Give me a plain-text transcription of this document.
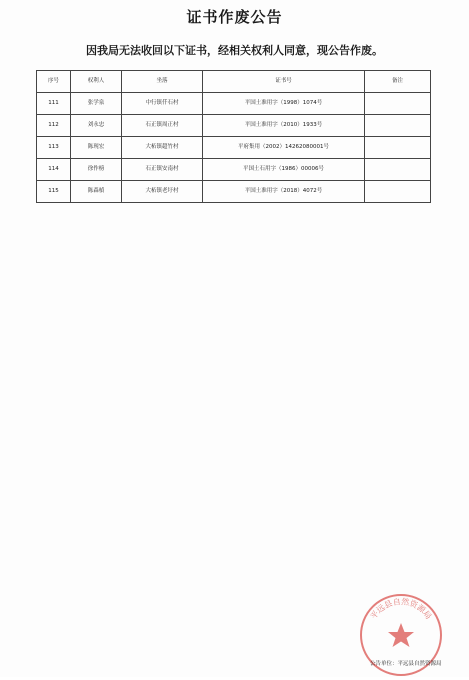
证书作废公告
因我局无法收回以下证书，经相关权利人同意，现公告作废。
序号	权利人	坐落	证书号	备注
111	张学泉	中行镇仟石村	平国土准用字（1998）1074号	
112	刘永忠	石正镇周正村	平国土准用字（2010）1933号	
113	陈现宏	大柘镇超竹村	平府集用（2002）14262080001号	
114	徐作榜	石正镇安南村	平国土石用字（1986）00006号	
115	陈森楨	大柘镇老圩村	平国土准用字（2018）4072号	
平远县自然资源局
公告单位：平远县自然资源局
